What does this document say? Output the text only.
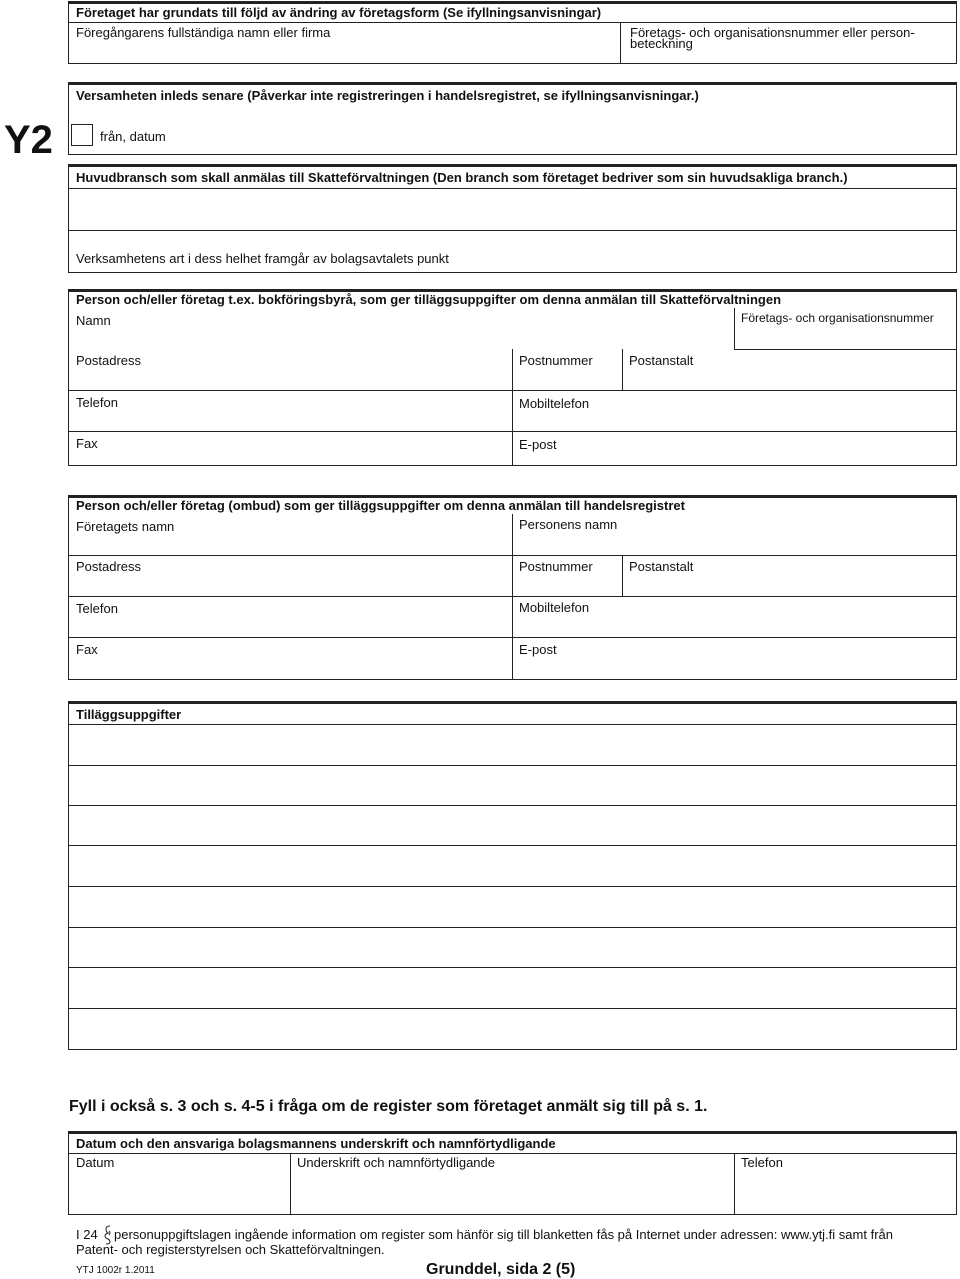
Företaget har grundats till följd av ändring av företagsform (Se ifyllningsanvisningar)
Föregångarens fullständiga namn eller firma	Företags- och organisationsnummer eller person-
beteckning
Y2
Versamheten inleds senare (Påverkar inte registreringen i handelsregistret, se ifyllningsanvisningar.)
från, datum
Huvudbransch som skall anmälas till Skatteförvaltningen (Den branch som företaget bedriver som sin huvudsakliga branch.)
Verksamhetens art i dess helhet framgår av bolagsavtalets punkt
Person och/eller företag t.ex. bokföringsbyrå, som ger tilläggsuppgifter om denna anmälan till Skatteförvaltningen
Namn	Företags- och organisationsnummer
Postadress	Postnummer	Postanstalt
Telefon	Mobiltelefon
Fax	E-post
Person och/eller företag (ombud) som ger tilläggsuppgifter om denna anmälan till handelsregistret
Företagets namn	Personens namn
Postadress	Postnummer	Postanstalt
Telefon	Mobiltelefon
Fax	E-post
Tilläggsuppgifter
Fyll i också s. 3 och s. 4-5 i fråga om de register som företaget anmält sig till på s. 1.
Datum och den ansvariga bolagsmannens underskrift och namnförtydligande
Datum	Underskrift och namnförtydligande	Telefon
I 24 personuppgiftslagen ingående information om register som hänför sig till blanketten fås på Internet under adressen: www.ytj.fi samt från
Patent- och registerstyrelsen och Skatteförvaltningen.
YTJ 1002r 1.2011	Grunddel, sida 2 (5)
